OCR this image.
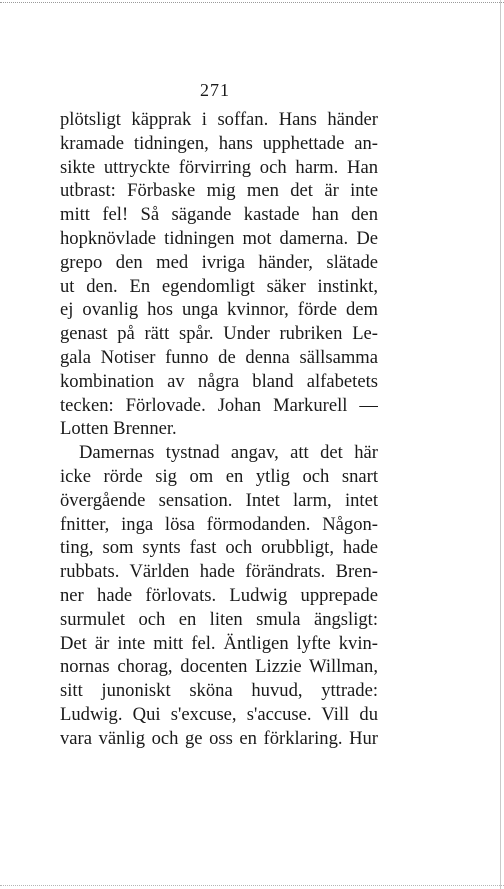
271
plötsligt käpprak i soffan. Hans händer
kramade tidningen, hans upphettade an-
sikte uttryckte förvirring och harm. Han
utbrast: Förbaske mig men det är inte
mitt fel! Så sägande kastade han den
hopknövlade tidningen mot damerna. De
grepo den med ivriga händer, slätade
ut den. En egendomligt säker instinkt,
ej ovanlig hos unga kvinnor, förde dem
genast på rätt spår. Under rubriken Le-
gala Notiser funno de denna sällsamma
kombination av några bland alfabetets
tecken: Förlovade. Johan Markurell —
Lotten Brenner.
Damernas tystnad angav, att det här
icke rörde sig om en ytlig och snart
övergående sensation. Intet larm, intet
fnitter, inga lösa förmodanden. Någon-
ting, som synts fast och orubbligt, hade
rubbats. Världen hade förändrats. Bren-
ner hade förlovats. Ludwig upprepade
surmulet och en liten smula ängsligt:
Det är inte mitt fel. Äntligen lyfte kvin-
nornas chorag, docenten Lizzie Willman,
sitt junoniskt sköna huvud, yttrade:
Ludwig. Qui s'excuse, s'accuse. Vill du
vara vänlig och ge oss en förklaring. Hur
